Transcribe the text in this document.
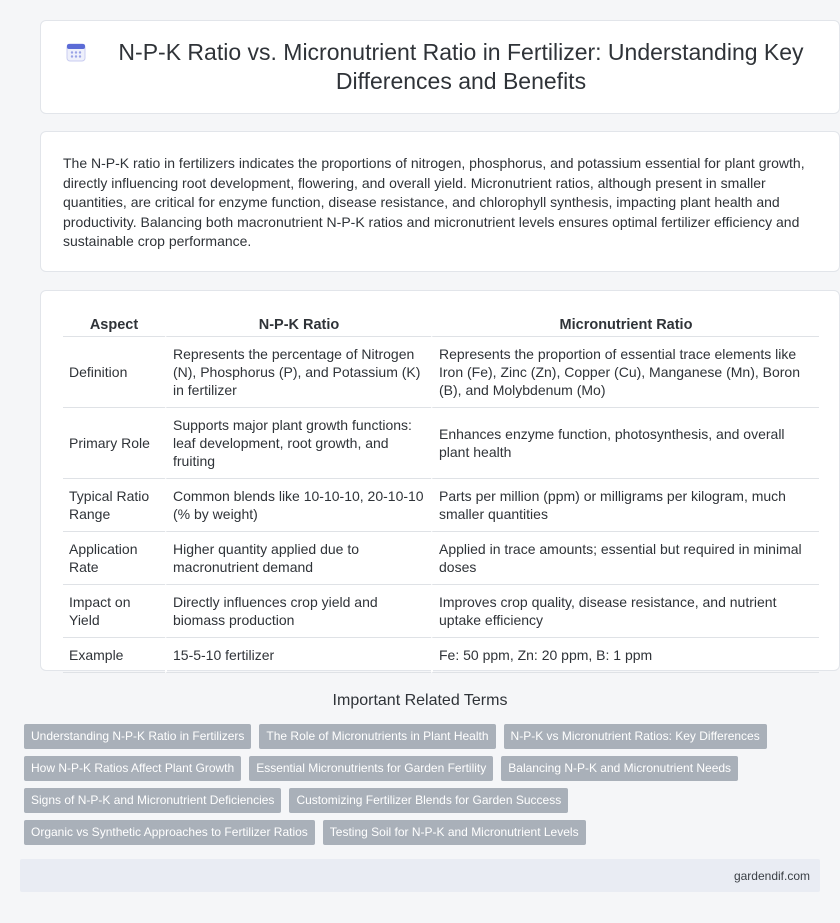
N-P-K Ratio vs. Micronutrient Ratio in Fertilizer: Understanding Key Differences and Benefits
The N-P-K ratio in fertilizers indicates the proportions of nitrogen, phosphorus, and potassium essential for plant growth, directly influencing root development, flowering, and overall yield. Micronutrient ratios, although present in smaller quantities, are critical for enzyme function, disease resistance, and chlorophyll synthesis, impacting plant health and productivity. Balancing both macronutrient N-P-K ratios and micronutrient levels ensures optimal fertilizer efficiency and sustainable crop performance.
Aspect	N-P-K Ratio	Micronutrient Ratio
Definition	Represents the percentage of Nitrogen (N), Phosphorus (P), and Potassium (K) in fertilizer	Represents the proportion of essential trace elements like Iron (Fe), Zinc (Zn), Copper (Cu), Manganese (Mn), Boron (B), and Molybdenum (Mo)
Primary Role	Supports major plant growth functions: leaf development, root growth, and fruiting	Enhances enzyme function, photosynthesis, and overall plant health
Typical Ratio Range	Common blends like 10-10-10, 20-10-10 (% by weight)	Parts per million (ppm) or milligrams per kilogram, much smaller quantities
Application Rate	Higher quantity applied due to macronutrient demand	Applied in trace amounts; essential but required in minimal doses
Impact on Yield	Directly influences crop yield and biomass production	Improves crop quality, disease resistance, and nutrient uptake efficiency
Example	15-5-10 fertilizer	Fe: 50 ppm, Zn: 20 ppm, B: 1 ppm
Important Related Terms
Understanding N-P-K Ratio in Fertilizers	The Role of Micronutrients in Plant Health	N-P-K vs Micronutrient Ratios: Key Differences
How N-P-K Ratios Affect Plant Growth	Essential Micronutrients for Garden Fertility	Balancing N-P-K and Micronutrient Needs
Signs of N-P-K and Micronutrient Deficiencies	Customizing Fertilizer Blends for Garden Success
Organic vs Synthetic Approaches to Fertilizer Ratios	Testing Soil for N-P-K and Micronutrient Levels
gardendif.com
